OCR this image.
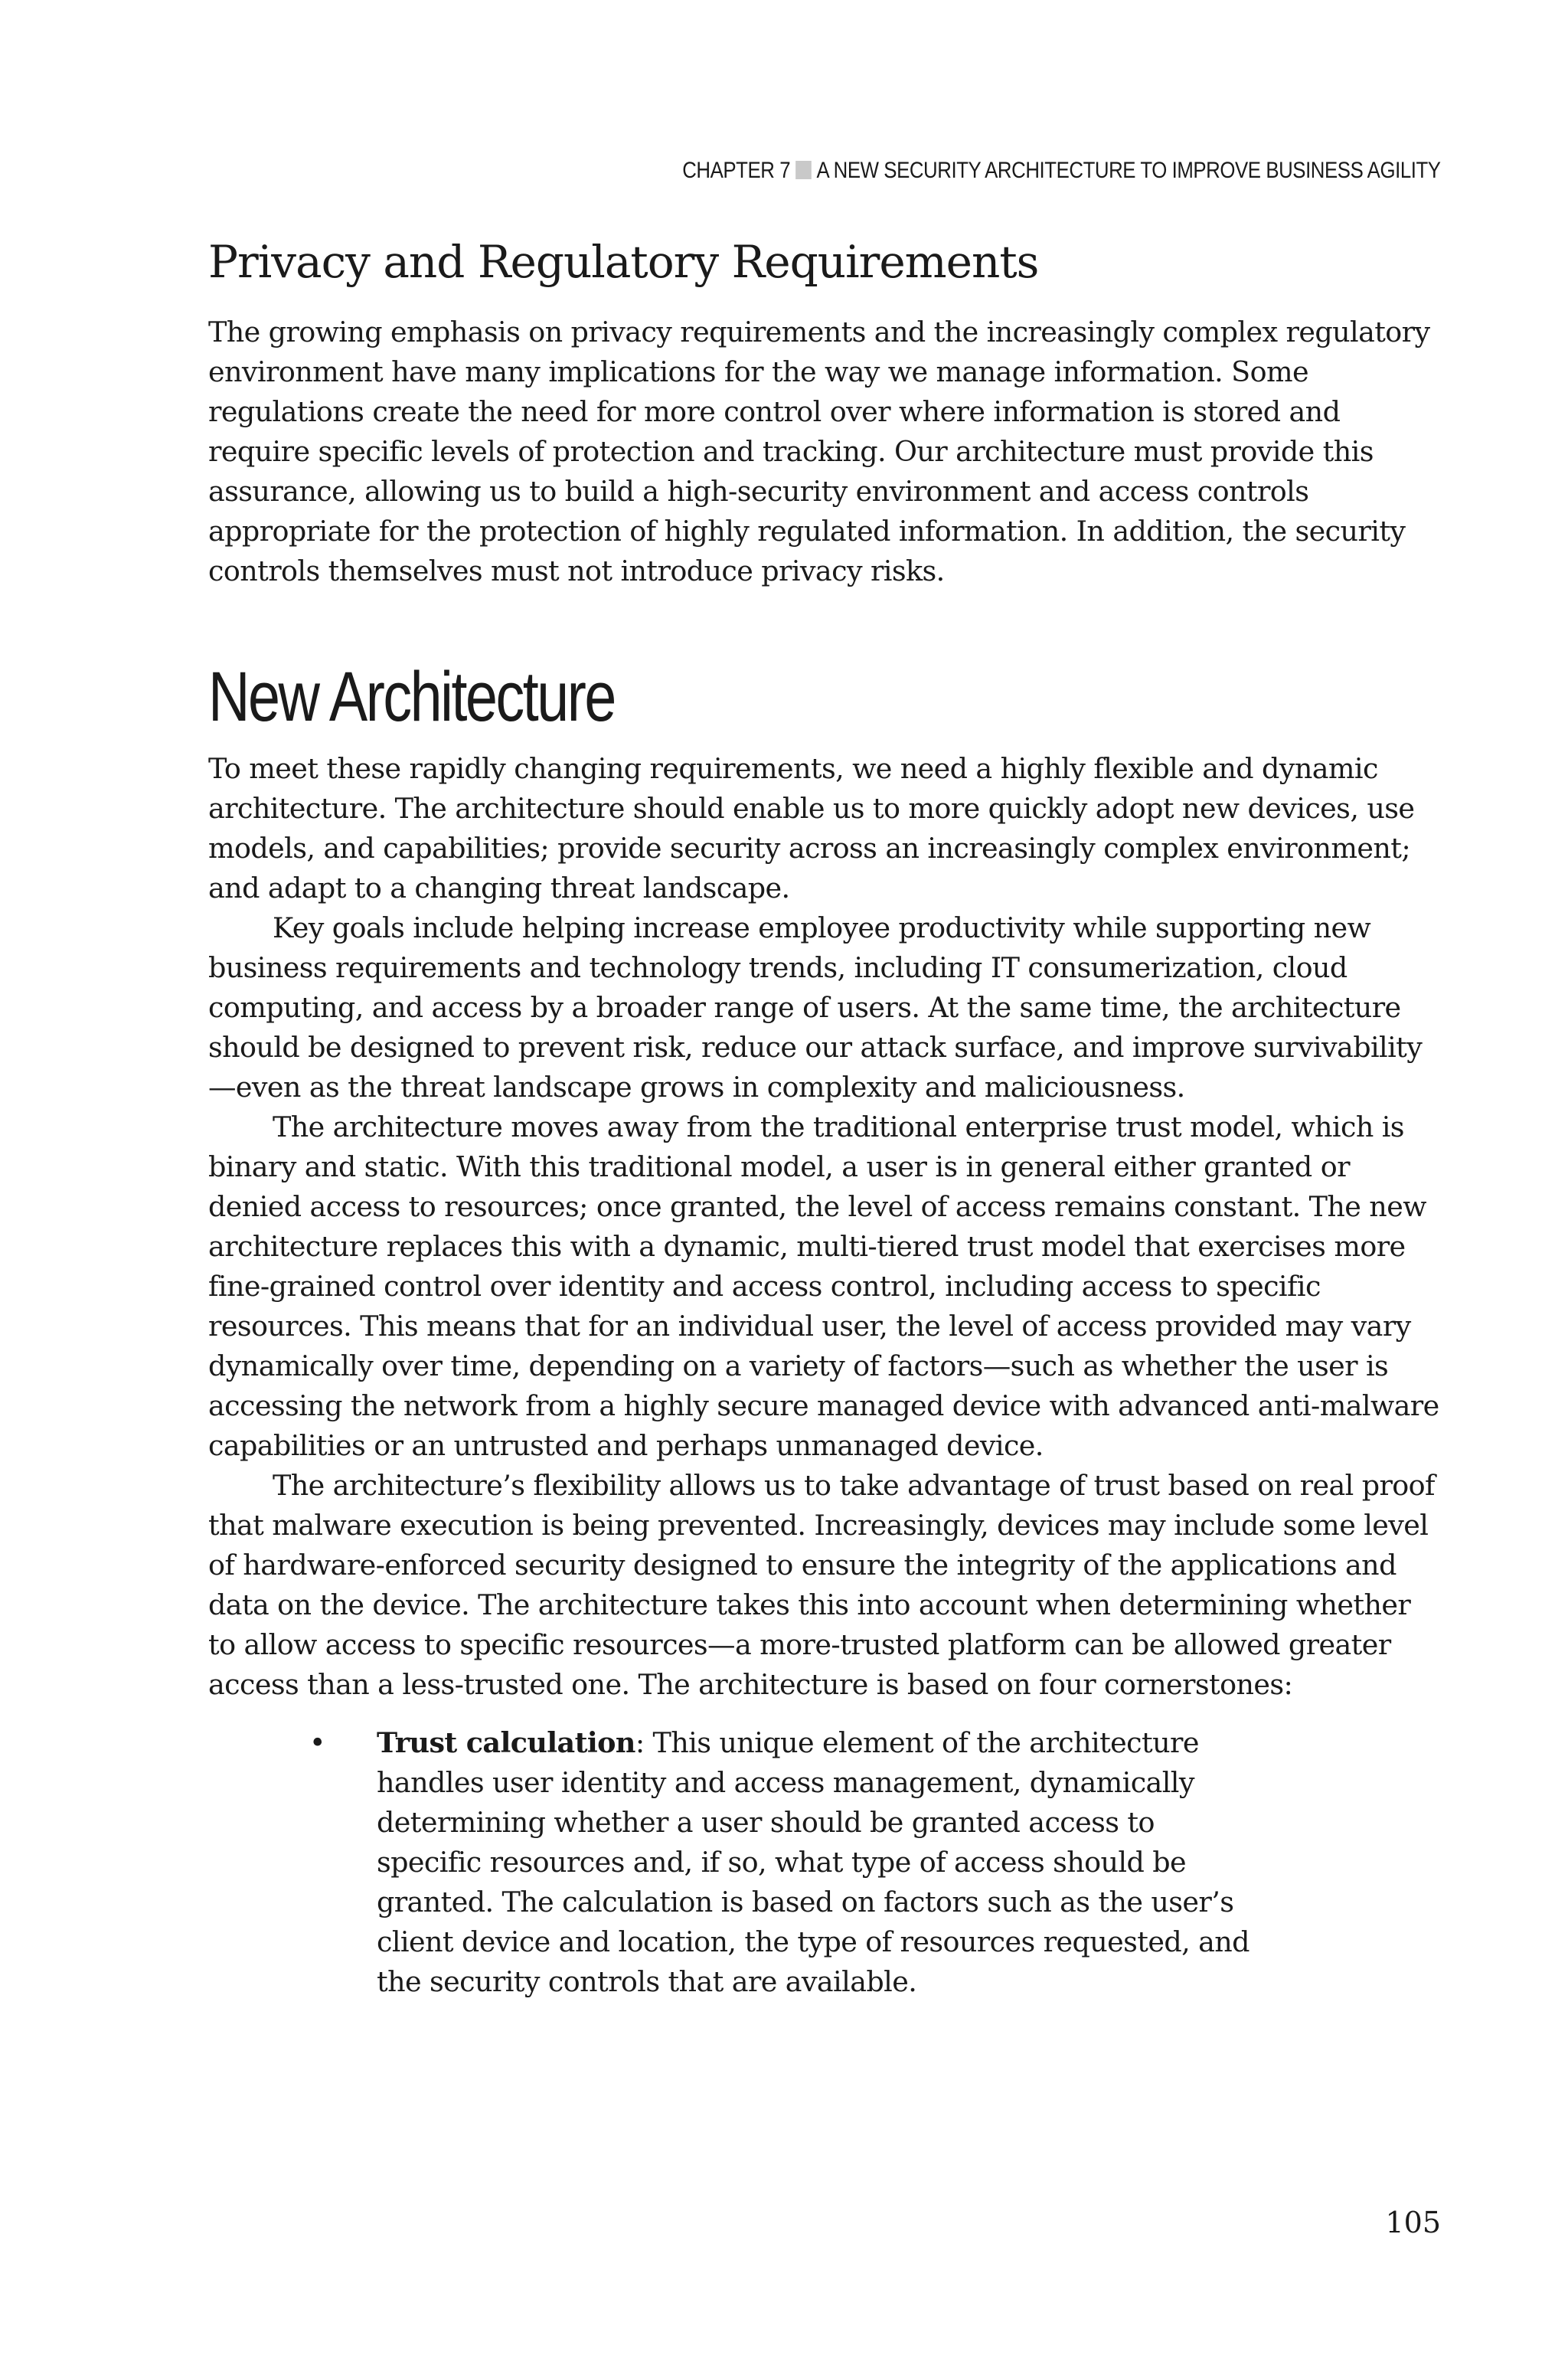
CHAPTER 7 A NEW SECURITY ARCHITECTURE TO IMPROVE BUSINESS AGILITY
Privacy and Regulatory Requirements

The growing emphasis on privacy requirements and the increasingly complex regulatory environment have many implications for the way we manage information. Some regulations create the need for more control over where information is stored and require specific levels of protection and tracking. Our architecture must provide this assurance, allowing us to build a high-security environment and access controls appropriate for the protection of highly regulated information. In addition, the security controls themselves must not introduce privacy risks.

New Architecture

To meet these rapidly changing requirements, we need a highly flexible and dynamic architecture. The architecture should enable us to more quickly adopt new devices, use models, and capabilities; provide security across an increasingly complex environment; and adapt to a changing threat landscape.

Key goals include helping increase employee productivity while supporting new business requirements and technology trends, including IT consumerization, cloud computing, and access by a broader range of users. At the same time, the architecture should be designed to prevent risk, reduce our attack surface, and improve survivability—even as the threat landscape grows in complexity and maliciousness.

The architecture moves away from the traditional enterprise trust model, which is binary and static. With this traditional model, a user is in general either granted or denied access to resources; once granted, the level of access remains constant. The new architecture replaces this with a dynamic, multi-tiered trust model that exercises more fine-grained control over identity and access control, including access to specific resources. This means that for an individual user, the level of access provided may vary dynamically over time, depending on a variety of factors—such as whether the user is accessing the network from a highly secure managed device with advanced anti-malware capabilities or an untrusted and perhaps unmanaged device.

The architecture’s flexibility allows us to take advantage of trust based on real proof that malware execution is being prevented. Increasingly, devices may include some level of hardware-enforced security designed to ensure the integrity of the applications and data on the device. The architecture takes this into account when determining whether to allow access to specific resources—a more-trusted platform can be allowed greater access than a less-trusted one. The architecture is based on four cornerstones:

• Trust calculation: This unique element of the architecture handles user identity and access management, dynamically determining whether a user should be granted access to specific resources and, if so, what type of access should be granted. The calculation is based on factors such as the user’s client device and location, the type of resources requested, and the security controls that are available.

105
